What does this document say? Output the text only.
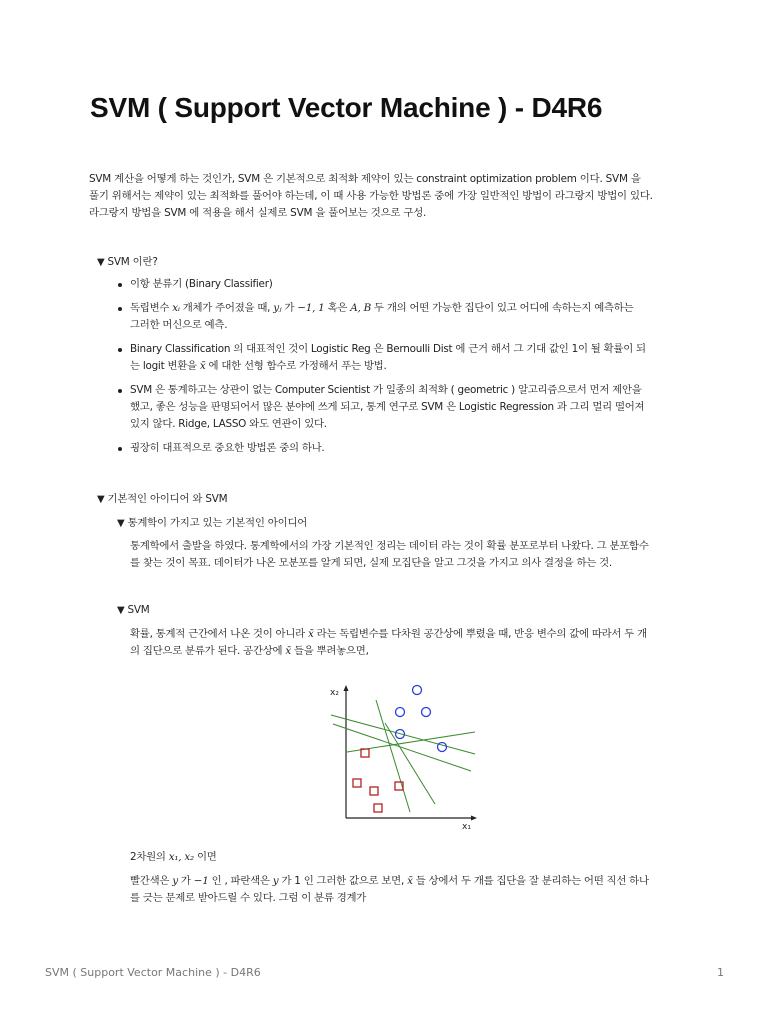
SVM ( Support Vector Machine ) - D4R6

SVM 계산을 어떻게 하는 것인가, SVM 은 기본적으로 최적화 제약이 있는 constraint optimization problem 이다. SVM 을
풀기 위해서는 제약이 있는 최적화를 풀어야 하는데, 이 때 사용 가능한 방법론 중에 가장 일반적인 방법이 라그랑지 방법이 있다.
라그랑지 방법을 SVM 에 적용을 해서 실제로 SVM 을 풀어보는 것으로 구성.

▼ SVM 이란?
이항 분류기 (Binary Classifier)
독립변수 xᵢ 개체가 주어졌을 때, yⱼ 가 −1, 1 혹은 A, B 두 개의 어떤 가능한 집단이 있고 어디에 속하는지 예측하는
그러한 머신으로 예측.
Binary Classification 의 대표적인 것이 Logistic Reg 은 Bernoulli Dist 에 근거 해서 그 기대 값인 1이 될 확률이 되
는 logit 변환을 x̄ 에 대한 선형 함수로 가정해서 푸는 방법.
SVM 은 통계하고는 상관이 없는 Computer Scientist 가 일종의 최적화 ( geometric ) 알고리즘으로서 먼저 제안을
했고, 좋은 성능을 판명되어서 많은 분야에 쓰게 되고, 통계 연구로 SVM 은 Logistic Regression 과 그리 멀리 떨어져
있지 않다. Ridge, LASSO 와도 연관이 있다.
굉장히 대표적으로 중요한 방법론 중의 하나.
▼ 기본적인 아이디어 와 SVM
▼ 통계학이 가지고 있는 기본적인 아이디어

통계학에서 출발을 하였다. 통계학에서의 가장 기본적인 정리는 데이터 라는 것이 확률 분포로부터 나왔다. 그 분포함수
를 찾는 것이 목표. 데이터가 나온 모분포를 알게 되면, 실제 모집단을 알고 그것을 가지고 의사 결정을 하는 것.

▼ SVM

확률, 통계적 근간에서 나온 것이 아니라 x̄ 라는 독립변수를 다차원 공간상에 뿌렸을 때, 반응 변수의 값에 따라서 두 개
의 집단으로 분류가 된다. 공간상에 x̄ 들을 뿌려놓으면,

x₂
x₁

2차원의 x₁, x₂ 이면

빨간색은 y 가 −1 인 , 파란색은 y 가 1 인 그러한 값으로 보면, x̄ 들 상에서 두 개를 집단을 잘 분리하는 어떤 직선 하나
를 긋는 문제로 받아드릴 수 있다. 그럼 이 분류 경계가

SVM ( Support Vector Machine ) - D4R6	1
